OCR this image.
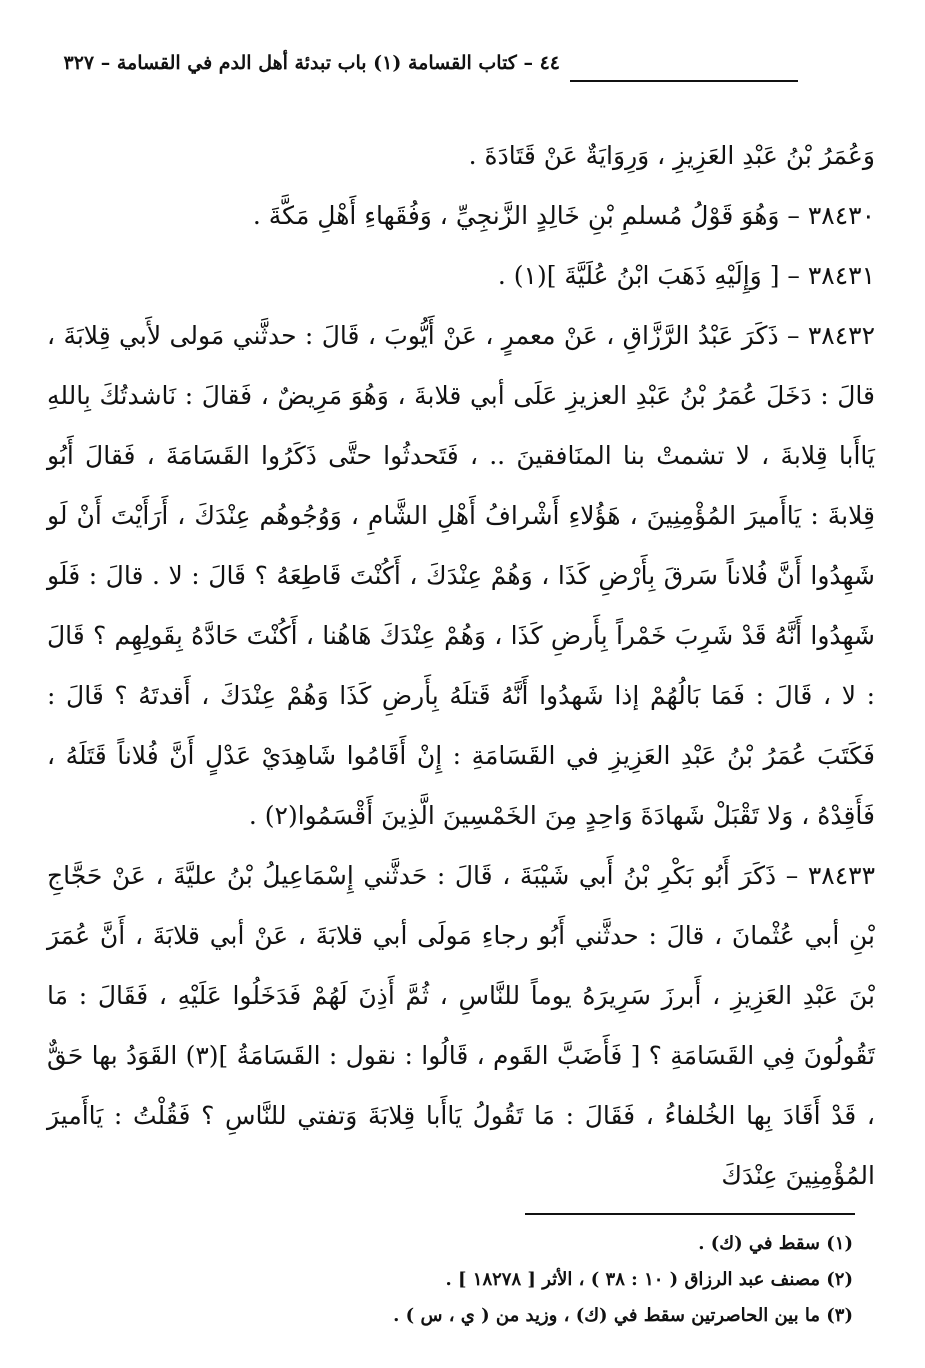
٤٤ – كتاب القسامة (١) باب تبدئة أهل الدم في القسامة – ٣٢٧

وَعُمَرُ بْنُ عَبْدِ العَزِيزِ ، وَرِوَايَةٌ عَنْ قَتَادَةَ .

٣٨٤٣٠ – وَهُوَ قَوْلُ مُسلمِ بْنِ خَالِدٍ الزَّنجِيِّ ، وَفُقَهاءِ أَهْلِ مَكَّةَ .

٣٨٤٣١ – [ وَإِلَيْهِ ذَهَبَ ابْنُ عُلَيَّةَ ](١) .

٣٨٤٣٢ – ذَكَرَ عَبْدُ الرَّزَّاقِ ، عَنْ معمرٍ ، عَنْ أَيُّوبَ ، قَالَ : حدثَّني مَولى لأَبي قِلابَةَ ، قالَ : دَخَلَ عُمَرُ بْنُ عَبْدِ العزيزِ عَلَى أبي قلابةَ ، وَهُوَ مَرِيضٌ ، فَقالَ : نَاشدتُكَ بِاللهِ يَاأَبا قِلابةَ ، لا تشمتْ بنا المنَافقينَ .. ، فَتَحدثُوا حتَّى ذَكَرُوا القَسَامَةَ ، فَقالَ أَبُو قِلابةَ : يَاأَميرَ المُؤْمِنِينَ ، هَؤُلاءِ أَشْرافُ أَهْلِ الشَّامِ ، وَوُجُوهُم عِنْدَكَ ، أَرَأَيْتَ أَنْ لَو شَهِدُوا أَنَّ فُلاناً سَرقَ بِأَرْضِ كَذَا ، وَهُمْ عِنْدَكَ ، أَكُنْتَ قَاطِعَهُ ؟ قَالَ : لا . قالَ : فَلَو شَهِدُوا أَنَّهُ قَدْ شَرِبَ خَمْراً بِأَرضِ كَذَا ، وَهُمْ عِنْدَكَ هَاهُنا ، أَكُنْتَ حَادَّهُ بِقَولِهِم ؟ قَالَ : لا ، قَالَ : فَمَا بَالُهُمْ إذا شَهدُوا أَنَّهُ قَتلَهُ بِأَرضِ كَذَا وَهُمْ عِنْدَكَ ، أَقدتَهُ ؟ قَالَ : فَكَتَبَ عُمَرُ بْنُ عَبْدِ العَزِيزِ في القَسَامَةِ : إِنْ أَقَامُوا شَاهِدَيْ عَدْلٍ أَنَّ فُلاناً قَتَلَهُ ، فَأَقِدْهُ ، وَلا تَقْبَلْ شَهادَةَ وَاحِدٍ مِنَ الخَمْسِينَ الَّذِينَ أَقْسَمُوا(٢) .

٣٨٤٣٣ – ذَكَرَ أَبُو بَكْرِ بْنُ أَبي شَيْبَةَ ، قَالَ : حَدثَّني إِسْمَاعِيلُ بْنُ عليَّةَ ، عَنْ حَجَّاجِ بْنِ أبي عُثْمانَ ، قالَ : حدثَّني أَبُو رجاءِ مَولَى أبي قلابَةَ ، عَنْ أبي قلابَةَ ، أَنَّ عُمَرَ بْنَ عَبْدِ العَزِيزِ ، أَبرزَ سَرِيرَهُ يوماً للنَّاسِ ، ثُمَّ أَذِنَ لَهُمْ فَدَخَلُوا عَلَيْهِ ، فَقَالَ : مَا تَقُولُونَ فِي القَسَامَةِ ؟ [ فَأَضَبَّ القَوم ، قَالُوا : نقول : القَسَامَةُ ](٣) القَوَدُ بها حَقٌّ ، قَدْ أَقَادَ بِها الخُلفاءُ ، فَقَالَ : مَا تَقُولُ يَاأَبا قِلابَةَ وَتفتي للنَّاسِ ؟ فَقُلْتُ : يَاأَميرَ المُؤْمِنِينَ عِنْدَكَ

(١) سقط في (ك) .
(٢) مصنف عبد الرزاق ( ١٠ : ٣٨ ) ، الأثر [ ١٨٢٧٨ ] .
(٣) ما بين الحاصرتين سقط في (ك) ، وزيد من ( ي ، س ) .
